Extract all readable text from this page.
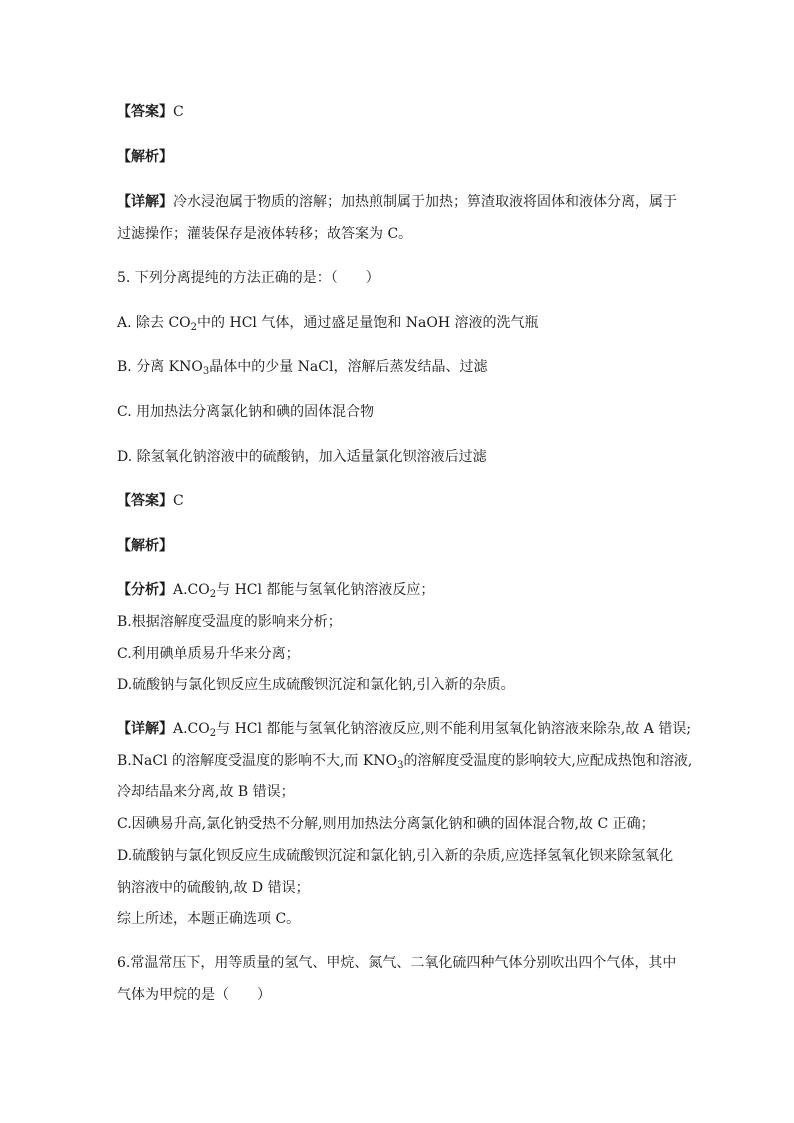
【答案】C
【解析】
【详解】冷水浸泡属于物质的溶解；加热煎制属于加热；箅渣取液将固体和液体分离，属于
过滤操作；灌装保存是液体转移；故答案为 C。
5. 下列分离提纯的方法正确的是：（　　）
A. 除去 $CO_2$中的 HCl 气体，通过盛足量饱和 NaOH 溶液的洗气瓶
B. 分离 $KNO_3$晶体中的少量 NaCl，溶解后蒸发结晶、过滤
C. 用加热法分离氯化钠和碘的固体混合物
D. 除氢氧化钠溶液中的硫酸钠，加入适量氯化钡溶液后过滤
【答案】C
【解析】
【分析】$A.CO_2$与 HCl 都能与氢氧化钠溶液反应；
B.根据溶解度受温度的影响来分析；
C.利用碘单质易升华来分离；
D.硫酸钠与氯化钡反应生成硫酸钡沉淀和氯化钠,引入新的杂质。
【详解】$A.CO_2$与 HCl 都能与氢氧化钠溶液反应,则不能利用氢氧化钠溶液来除杂,故 A 错误;
B.NaCl 的溶解度受温度的影响不大,而 $KNO_3$的溶解度受温度的影响较大,应配成热饱和溶液,
冷却结晶来分离,故 B 错误；
C.因碘易升高,氯化钠受热不分解,则用加热法分离氯化钠和碘的固体混合物,故 C 正确；
D.硫酸钠与氯化钡反应生成硫酸钡沉淀和氯化钠,引入新的杂质,应选择氢氧化钡来除氢氧化
钠溶液中的硫酸钠,故 D 错误；
综上所述，本题正确选项 C。
6.常温常压下，用等质量的氢气、甲烷、氮气、二氧化硫四种气体分别吹出四个气体，其中
气体为甲烷的是（　　）
